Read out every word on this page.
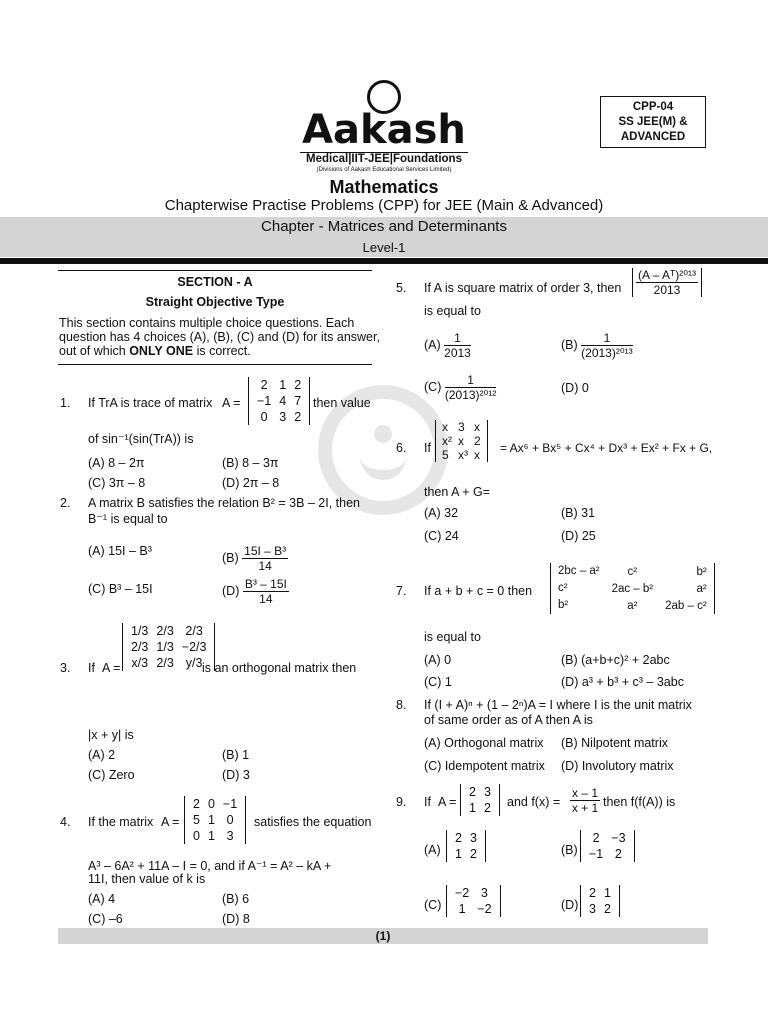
Aakash
Medical|IIT-JEE|Foundations
(Divisions of Aakash Educational Services Limited)
CPP-04
SS JEE(M) &
ADVANCED
Mathematics
Chapterwise Practise Problems (CPP) for JEE (Main & Advanced)
Chapter - Matrices and Determinants
Level-1
SECTION - A
Straight Objective Type
This section contains multiple choice questions. Each
question has 4 choices (A), (B), (C) and (D) for its answer,
out of which ONLY ONE is correct.
1. If TrA is trace of matrix A =
2	1	2
−1	4	7
0	3	2
then value
of sin⁻¹(sin(TrA)) is
(A) 8 – 2π	(B) 8 – 3π
(C) 3π – 8	(D) 2π – 8
2. A matrix B satisfies the relation B² = 3B – 2I, then
B⁻¹ is equal to
(A) 15I – B³	$(B) \frac{\text{15I – B³}}{14}$
(C) B³ – 15I	$(D) \frac{\text{B³ – 15I}}{14}$
3. If A =
1/3	2/3	2/3
2/3	1/3	−2/3
x/3	2/3	y/3 is an orthogonal matrix then
|x + y| is
(A) 2	(B) 1
(C) Zero	(D) 3
4. If the matrix A =
2	0	−1
5	1	0
0	1	3
satisfies the equation
A³ – 6A² + 11A – I = 0, and if A⁻¹ = A² – kA +
11I, then value of k is
(A) 4	(B) 6
(C) –6	(D) 8
5. If A is square matrix of order 3, then $\frac{\text{(A – Aᵀ)²⁰¹³}}{2013}$
is equal to
$(A) \frac{1}{2013}$	$(B) \frac{1}{\text{(2013)²⁰¹³}}$
$(C) \frac{1}{\text{(2013)²⁰¹²}}$	(D) 0
6. If
x	3	x
x²	x	2
5	x³	x = Ax⁶ + Bx⁵ + Cx⁴ + Dx³ + Ex² + Fx + G,
then A + G=
(A) 32	(B) 31
(C) 24	(D) 25
7. If a + b + c = 0 then
2bc – a²	c²	b²
c²	2ac – b²	a²
b²	a²	2ab – c²
is equal to
(A) 0	(B) (a+b+c)² + 2abc
(C) 1	(D) a³ + b³ + c³ – 3abc
8. If (I + A)ⁿ + (1 – 2ⁿ)A = I where I is the unit matrix
of same order as of A then A is
(A) Orthogonal matrix (B) Nilpotent matrix
(C) Idempotent matrix (D) Involutory matrix
9. If A =
2	3
1	2 and $f(x) = \frac{x - 1}{x + 1}$ then f(f(A)) is
(A)
2	3
1	2	(B)
2	−3
−1	2
(C)
−2	3
1	−2	(D)
2	1
3	2
(1)
